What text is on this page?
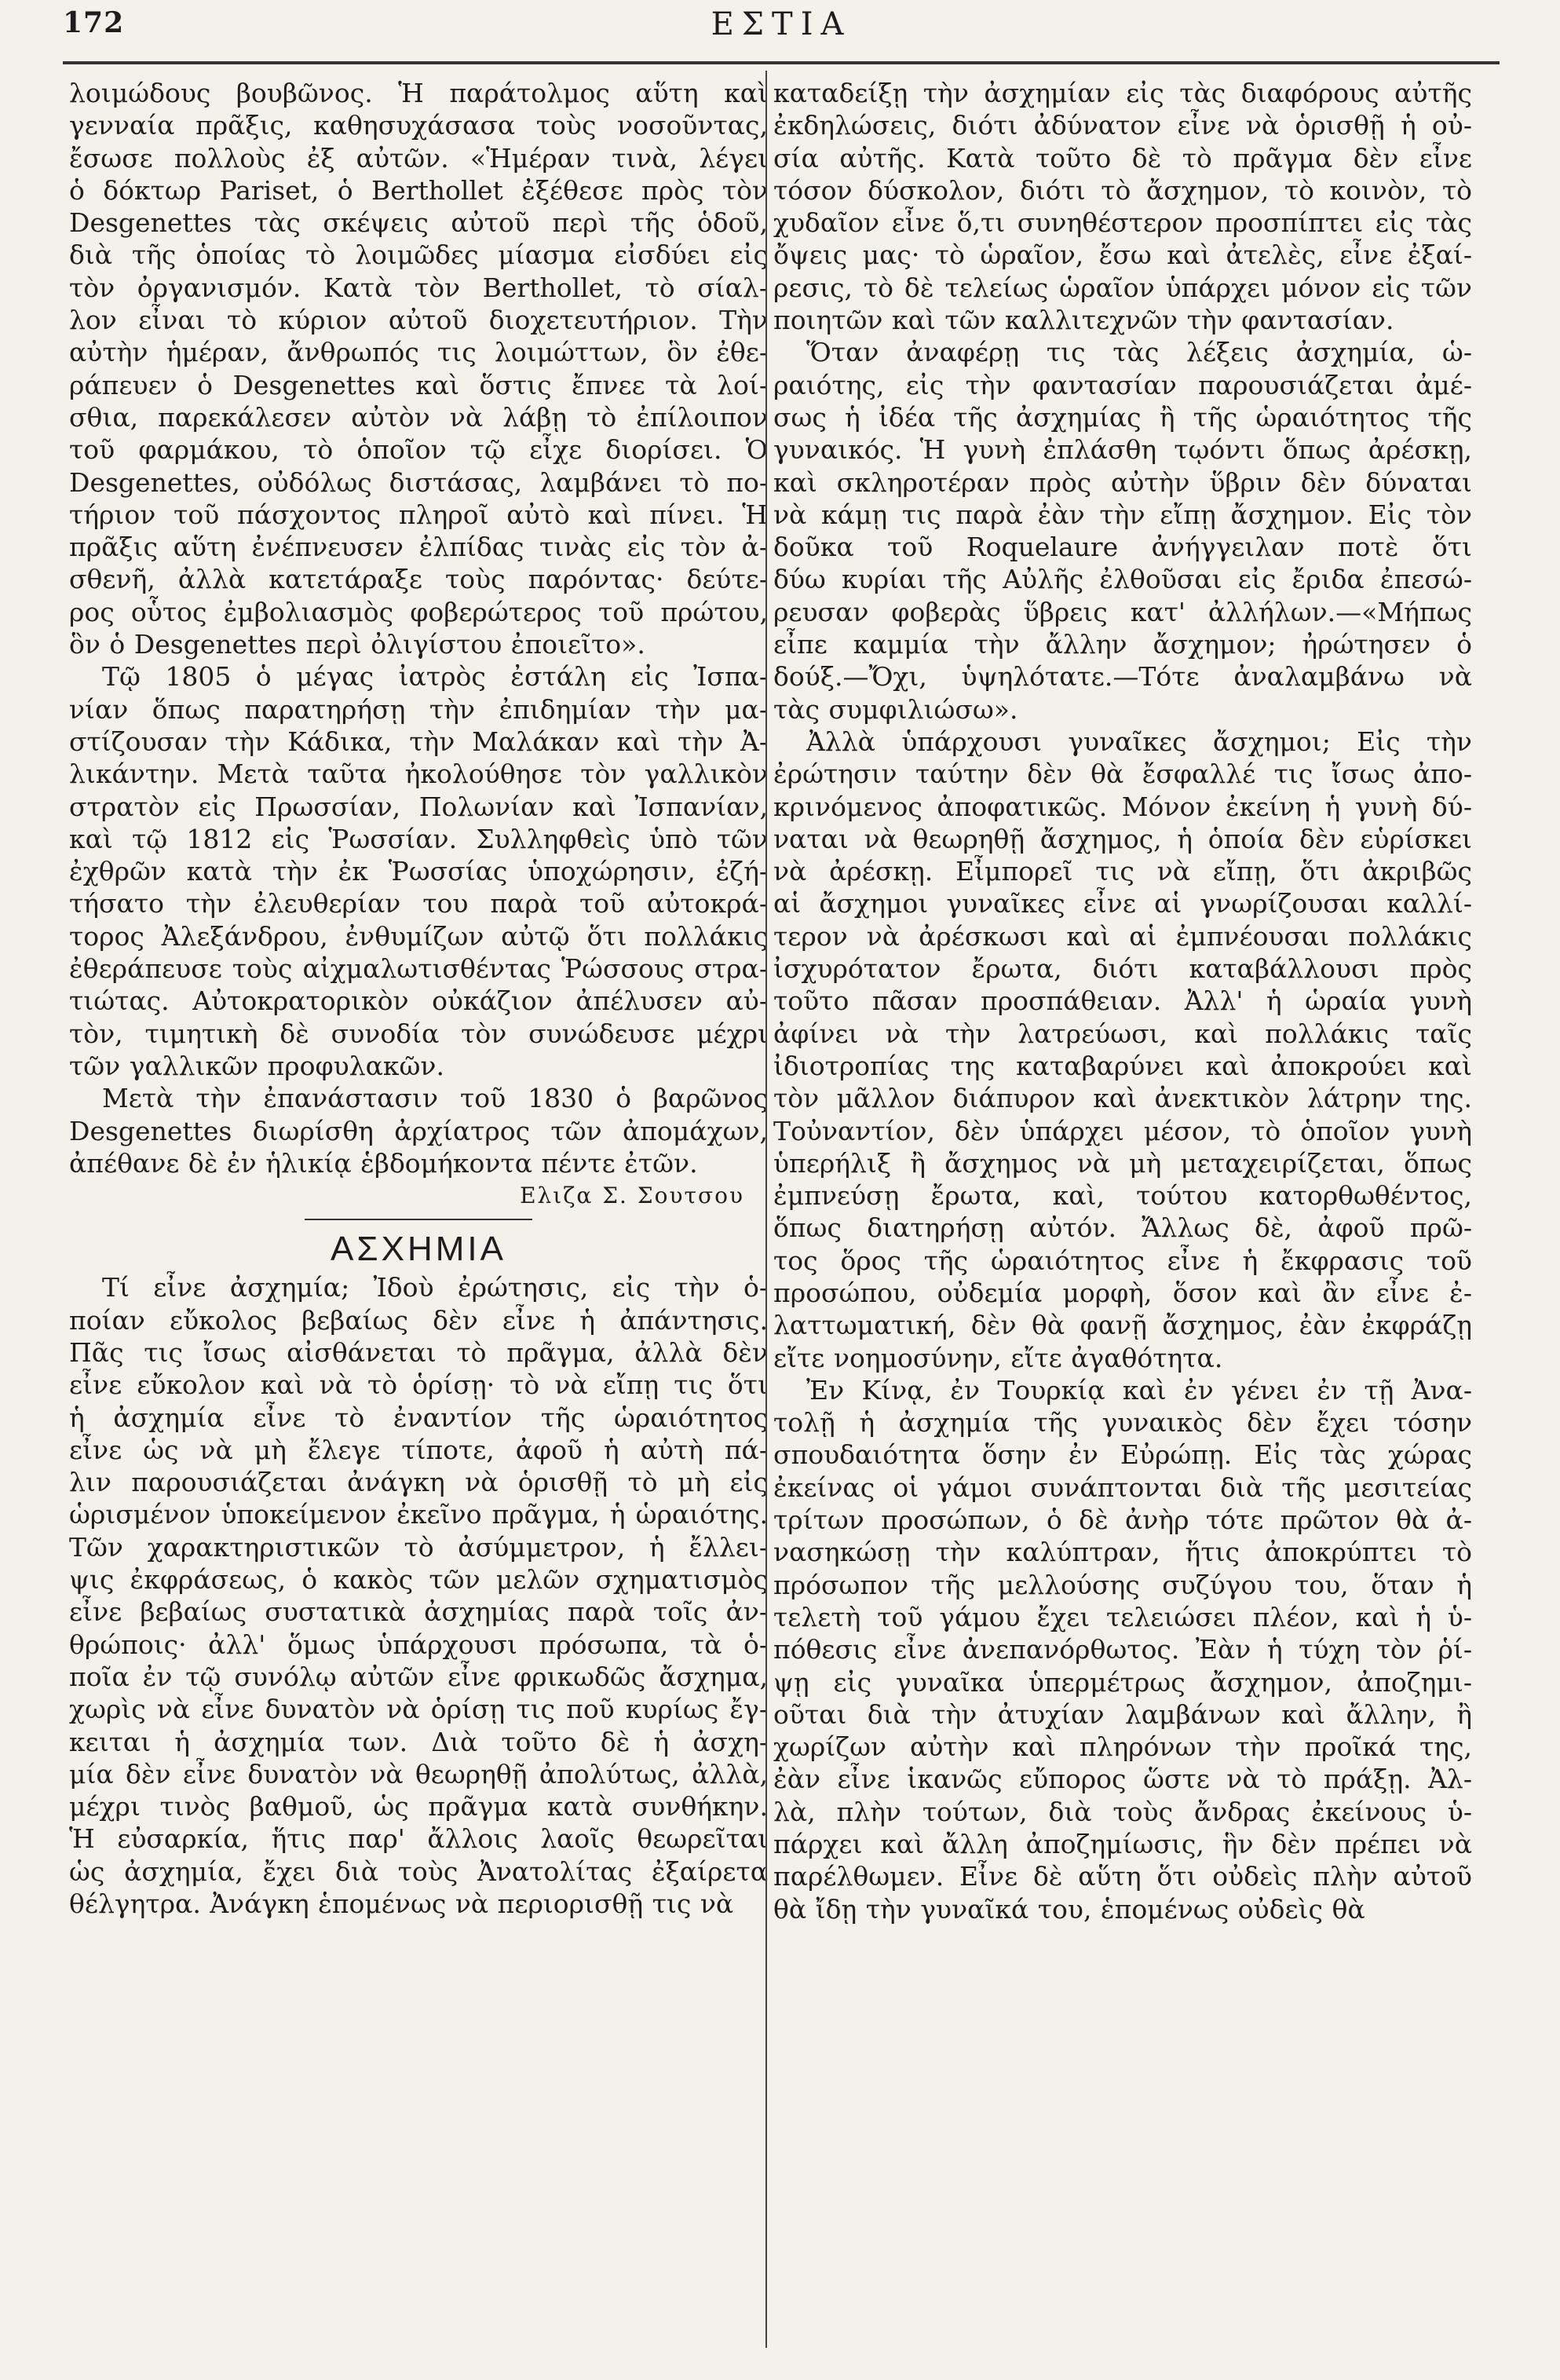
172	ΕΣΤΙΑ
λοιμώδους βουβῶνος. Ἡ παράτολμος αὕτη καὶ
γενναία πρᾶξις, καθησυχάσασα τοὺς νοσοῦντας,
ἔσωσε πολλοὺς ἐξ αὐτῶν. «Ἡμέραν τινὰ, λέγει
ὁ δόκτωρ Pariset, ὁ Berthollet ἐξέθεσε πρὸς τὸν
Desgenettes τὰς σκέψεις αὐτοῦ περὶ τῆς ὁδοῦ,
διὰ τῆς ὁποίας τὸ λοιμῶδες μίασμα εἰσδύει εἰς
τὸν ὀργανισμόν. Κατὰ τὸν Berthollet, τὸ σίαλ-
λον εἶναι τὸ κύριον αὐτοῦ διοχετευτήριον. Τὴν
αὐτὴν ἡμέραν, ἄνθρωπός τις λοιμώττων, ὃν ἐθε-
ράπευεν ὁ Desgenettes καὶ ὅστις ἔπνεε τὰ λοί-
σθια, παρεκάλεσεν αὐτὸν νὰ λάβῃ τὸ ἐπίλοιπον
τοῦ φαρμάκου, τὸ ὁποῖον τῷ εἶχε διορίσει. Ὁ
Desgenettes, οὐδόλως διστάσας, λαμβάνει τὸ πο-
τήριον τοῦ πάσχοντος πληροῖ αὐτὸ καὶ πίνει. Ἡ
πρᾶξις αὕτη ἐνέπνευσεν ἐλπίδας τινὰς εἰς τὸν ἀ-
σθενῆ, ἀλλὰ κατετάραξε τοὺς παρόντας· δεύτε-
ρος οὗτος ἐμβολιασμὸς φοβερώτερος τοῦ πρώτου,
ὃν ὁ Desgenettes περὶ ὀλιγίστου ἐποιεῖτο».
Τῷ 1805 ὁ μέγας ἰατρὸς ἐστάλη εἰς Ἰσπα-
νίαν ὅπως παρατηρήσῃ τὴν ἐπιδημίαν τὴν μα-
στίζουσαν τὴν Κάδικα, τὴν Μαλάκαν καὶ τὴν Ἀ-
λικάντην. Μετὰ ταῦτα ἠκολούθησε τὸν γαλλικὸν
στρατὸν εἰς Πρωσσίαν, Πολωνίαν καὶ Ἰσπανίαν,
καὶ τῷ 1812 εἰς Ῥωσσίαν. Συλληφθεὶς ὑπὸ τῶν
ἐχθρῶν κατὰ τὴν ἐκ Ῥωσσίας ὑποχώρησιν, ἐζή-
τήσατο τὴν ἐλευθερίαν του παρὰ τοῦ αὐτοκρά-
τορος Ἀλεξάνδρου, ἐνθυμίζων αὐτῷ ὅτι πολλάκις
ἐθεράπευσε τοὺς αἰχμαλωτισθέντας Ῥώσσους στρα-
τιώτας. Αὐτοκρατορικὸν οὐκάζιον ἀπέλυσεν αὐ-
τὸν, τιμητικὴ δὲ συνοδία τὸν συνώδευσε μέχρι
τῶν γαλλικῶν προφυλακῶν.
Μετὰ τὴν ἐπανάστασιν τοῦ 1830 ὁ βαρῶνος
Desgenettes διωρίσθη ἀρχίατρος τῶν ἀπομάχων,
ἀπέθανε δὲ ἐν ἡλικίᾳ ἑβδομήκοντα πέντε ἐτῶν.
Ελιζα Σ. Σουτσου
ΑΣΧΗΜΙΑ
Τί εἶνε ἀσχημία; Ἰδοὺ ἐρώτησις, εἰς τὴν ὁ-
ποίαν εὔκολος βεβαίως δὲν εἶνε ἡ ἀπάντησις.
Πᾶς τις ἴσως αἰσθάνεται τὸ πρᾶγμα, ἀλλὰ δὲν
εἶνε εὔκολον καὶ νὰ τὸ ὁρίσῃ· τὸ νὰ εἴπῃ τις ὅτι
ἡ ἀσχημία εἶνε τὸ ἐναντίον τῆς ὡραιότητος
εἶνε ὡς νὰ μὴ ἔλεγε τίποτε, ἀφοῦ ἡ αὐτὴ πά-
λιν παρουσιάζεται ἀνάγκη νὰ ὁρισθῇ τὸ μὴ εἰς
ὡρισμένον ὑποκείμενον ἐκεῖνο πρᾶγμα, ἡ ὡραιότης.
Τῶν χαρακτηριστικῶν τὸ ἀσύμμετρον, ἡ ἔλλει-
ψις ἐκφράσεως, ὁ κακὸς τῶν μελῶν σχηματισμὸς
εἶνε βεβαίως συστατικὰ ἀσχημίας παρὰ τοῖς ἀν-
θρώποις· ἀλλ' ὅμως ὑπάρχουσι πρόσωπα, τὰ ὁ-
ποῖα ἐν τῷ συνόλῳ αὐτῶν εἶνε φρικωδῶς ἄσχημα,
χωρὶς νὰ εἶνε δυνατὸν νὰ ὁρίσῃ τις ποῦ κυρίως ἔγ-
κειται ἡ ἀσχημία των. Διὰ τοῦτο δὲ ἡ ἀσχη-
μία δὲν εἶνε δυνατὸν νὰ θεωρηθῇ ἀπολύτως, ἀλλὰ,
μέχρι τινὸς βαθμοῦ, ὡς πρᾶγμα κατὰ συνθήκην.
Ἡ εὐσαρκία, ἥτις παρ' ἄλλοις λαοῖς θεωρεῖται
ὡς ἀσχημία, ἔχει διὰ τοὺς Ἀνατολίτας ἐξαίρετα
θέλγητρα. Ἀνάγκη ἑπομένως νὰ περιορισθῇ τις νὰ
καταδείξῃ τὴν ἀσχημίαν εἰς τὰς διαφόρους αὐτῆς
ἐκδηλώσεις, διότι ἀδύνατον εἶνε νὰ ὁρισθῇ ἡ οὐ-
σία αὐτῆς. Κατὰ τοῦτο δὲ τὸ πρᾶγμα δὲν εἶνε
τόσον δύσκολον, διότι τὸ ἄσχημον, τὸ κοινὸν, τὸ
χυδαῖον εἶνε ὅ,τι συνηθέστερον προσπίπτει εἰς τὰς
ὄψεις μας· τὸ ὡραῖον, ἔσω καὶ ἀτελὲς, εἶνε ἐξαί-
ρεσις, τὸ δὲ τελείως ὡραῖον ὑπάρχει μόνον εἰς τῶν
ποιητῶν καὶ τῶν καλλιτεχνῶν τὴν φαντασίαν.
Ὅταν ἀναφέρῃ τις τὰς λέξεις ἀσχημία, ὡ-
ραιότης, εἰς τὴν φαντασίαν παρουσιάζεται ἀμέ-
σως ἡ ἰδέα τῆς ἀσχημίας ἢ τῆς ὡραιότητος τῆς
γυναικός. Ἡ γυνὴ ἐπλάσθη τῳόντι ὅπως ἀρέσκῃ,
καὶ σκληροτέραν πρὸς αὐτὴν ὕβριν δὲν δύναται
νὰ κάμῃ τις παρὰ ἐὰν τὴν εἴπῃ ἄσχημον. Εἰς τὸν
δοῦκα τοῦ Roquelaure ἀνήγγειλαν ποτὲ ὅτι
δύω κυρίαι τῆς Αὐλῆς ἐλθοῦσαι εἰς ἔριδα ἐπεσώ-
ρευσαν φοβερὰς ὕβρεις κατ' ἀλλήλων.—«Μήπως
εἶπε καμμία τὴν ἄλλην ἄσχημον; ἠρώτησεν ὁ
δούξ.—Ὄχι, ὑψηλότατε.—Τότε ἀναλαμβάνω νὰ
τὰς συμφιλιώσω».
Ἀλλὰ ὑπάρχουσι γυναῖκες ἄσχημοι; Εἰς τὴν
ἐρώτησιν ταύτην δὲν θὰ ἔσφαλλέ τις ἴσως ἀπο-
κρινόμενος ἀποφατικῶς. Μόνον ἐκείνη ἡ γυνὴ δύ-
ναται νὰ θεωρηθῇ ἄσχημος, ἡ ὁποία δὲν εὑρίσκει
νὰ ἀρέσκῃ. Εἶμπορεῖ τις νὰ εἴπῃ, ὅτι ἀκριβῶς
αἱ ἄσχημοι γυναῖκες εἶνε αἱ γνωρίζουσαι καλλί-
τερον νὰ ἀρέσκωσι καὶ αἱ ἐμπνέουσαι πολλάκις
ἰσχυρότατον ἔρωτα, διότι καταβάλλουσι πρὸς
τοῦτο πᾶσαν προσπάθειαν. Ἀλλ' ἡ ὡραία γυνὴ
ἀφίνει νὰ τὴν λατρεύωσι, καὶ πολλάκις ταῖς
ἰδιοτροπίας της καταβαρύνει καὶ ἀποκρούει καὶ
τὸν μᾶλλον διάπυρον καὶ ἀνεκτικὸν λάτρην της.
Τοὐναντίον, δὲν ὑπάρχει μέσον, τὸ ὁποῖον γυνὴ
ὑπερήλιξ ἢ ἄσχημος νὰ μὴ μεταχειρίζεται, ὅπως
ἐμπνεύσῃ ἔρωτα, καὶ, τούτου κατορθωθέντος,
ὅπως διατηρήσῃ αὐτόν. Ἄλλως δὲ, ἀφοῦ πρῶ-
τος ὅρος τῆς ὡραιότητος εἶνε ἡ ἔκφρασις τοῦ
προσώπου, οὐδεμία μορφὴ, ὅσον καὶ ἂν εἶνε ἐ-
λαττωματική, δὲν θὰ φανῇ ἄσχημος, ἐὰν ἐκφράζῃ
εἴτε νοημοσύνην, εἴτε ἀγαθότητα.
Ἐν Κίνᾳ, ἐν Τουρκίᾳ καὶ ἐν γένει ἐν τῇ Ἀνα-
τολῇ ἡ ἀσχημία τῆς γυναικὸς δὲν ἔχει τόσην
σπουδαιότητα ὅσην ἐν Εὐρώπῃ. Εἰς τὰς χώρας
ἐκείνας οἱ γάμοι συνάπτονται διὰ τῆς μεσιτείας
τρίτων προσώπων, ὁ δὲ ἀνὴρ τότε πρῶτον θὰ ἀ-
νασηκώσῃ τὴν καλύπτραν, ἥτις ἀποκρύπτει τὸ
πρόσωπον τῆς μελλούσης συζύγου του, ὅταν ἡ
τελετὴ τοῦ γάμου ἔχει τελειώσει πλέον, καὶ ἡ ὑ-
πόθεσις εἶνε ἀνεπανόρθωτος. Ἐὰν ἡ τύχη τὸν ῥί-
ψῃ εἰς γυναῖκα ὑπερμέτρως ἄσχημον, ἀποζημι-
οῦται διὰ τὴν ἀτυχίαν λαμβάνων καὶ ἄλλην, ἢ
χωρίζων αὐτὴν καὶ πληρόνων τὴν προῖκά της,
ἐὰν εἶνε ἱκανῶς εὔπορος ὥστε νὰ τὸ πράξῃ. Ἀλ-
λὰ, πλὴν τούτων, διὰ τοὺς ἄνδρας ἐκείνους ὑ-
πάρχει καὶ ἄλλη ἀποζημίωσις, ἣν δὲν πρέπει νὰ
παρέλθωμεν. Εἶνε δὲ αὕτη ὅτι οὐδεὶς πλὴν αὐτοῦ
θὰ ἴδῃ τὴν γυναῖκά του, ἑπομένως οὐδεὶς θὰ
